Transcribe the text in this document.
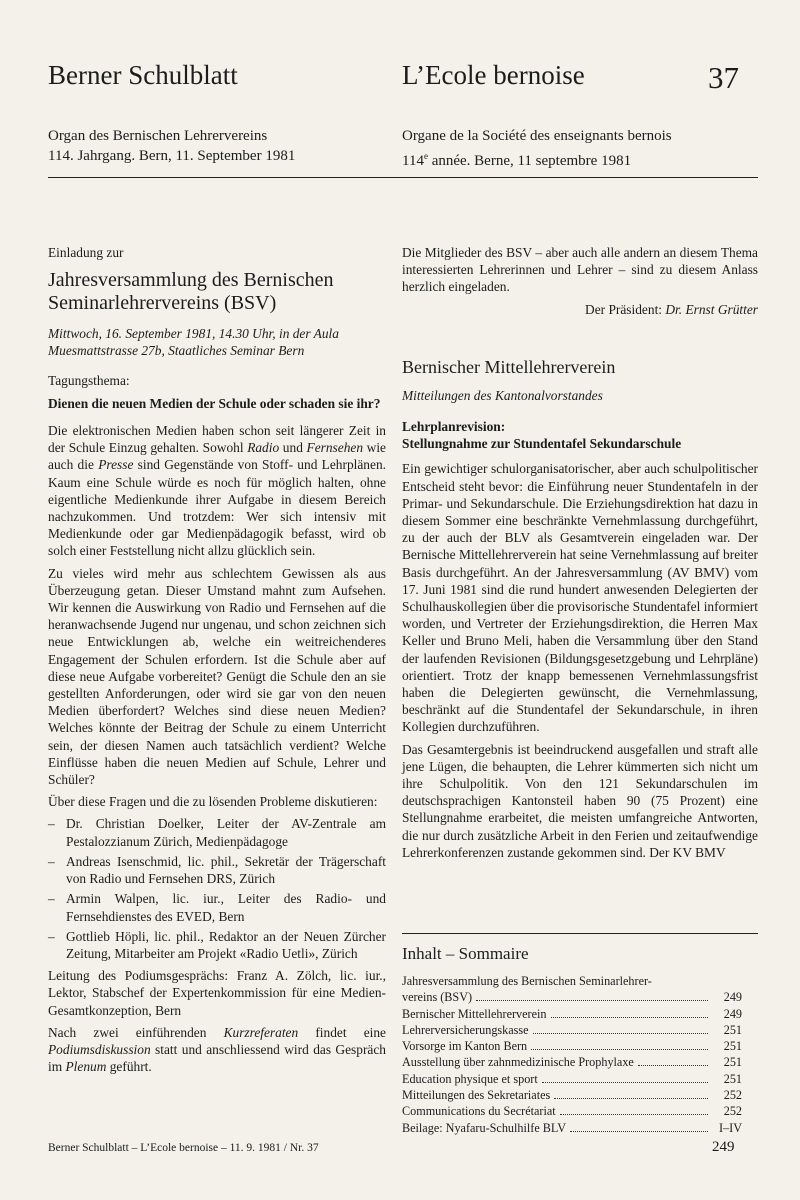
Berner Schulblatt	L’Ecole bernoise	37
Organ des Bernischen Lehrervereins
114. Jahrgang. Bern, 11. September 1981
Organe de la Société des enseignants bernois
114e année. Berne, 11 septembre 1981

Einladung zur

Jahresversammlung des Bernischen Seminarlehrervereins (BSV)

Mittwoch, 16. September 1981, 14.30 Uhr, in der Aula Muesmattstrasse 27b, Staatliches Seminar Bern

Tagungsthema:

Dienen die neuen Medien der Schule oder schaden sie ihr?

Die elektronischen Medien haben schon seit längerer Zeit in der Schule Einzug gehalten. Sowohl Radio und Fernsehen wie auch die Presse sind Gegenstände von Stoff- und Lehrplänen. Kaum eine Schule würde es noch für möglich halten, ohne eigentliche Medienkunde ihrer Aufgabe in diesem Bereich nachzukommen. Und trotzdem: Wer sich intensiv mit Medienkunde oder gar Medienpädagogik befasst, wird ob solch einer Feststellung nicht allzu glücklich sein.

Zu vieles wird mehr aus schlechtem Gewissen als aus Überzeugung getan. Dieser Umstand mahnt zum Aufsehen. Wir kennen die Auswirkung von Radio und Fernsehen auf die heranwachsende Jugend nur ungenau, und schon zeichnen sich neue Entwicklungen ab, welche ein weitreichenderes Engagement der Schulen erfordern. Ist die Schule aber auf diese neue Aufgabe vorbereitet? Genügt die Schule den an sie gestellten Anforderungen, oder wird sie gar von den neuen Medien überfordert? Welches sind diese neuen Medien? Welches könnte der Beitrag der Schule zu einem Unterricht sein, der diesen Namen auch tatsächlich verdient? Welche Einflüsse haben die neuen Medien auf Schule, Lehrer und Schüler?

Über diese Fragen und die zu lösenden Probleme diskutieren:

– Dr. Christian Doelker, Leiter der AV-Zentrale am Pestalozzianum Zürich, Medienpädagoge
– Andreas Isenschmid, lic. phil., Sekretär der Trägerschaft von Radio und Fernsehen DRS, Zürich
– Armin Walpen, lic. iur., Leiter des Radio- und Fernsehdienstes des EVED, Bern
– Gottlieb Höpli, lic. phil., Redaktor an der Neuen Zürcher Zeitung, Mitarbeiter am Projekt «Radio Uetli», Zürich

Leitung des Podiumsgesprächs: Franz A. Zölch, lic. iur., Lektor, Stabschef der Expertenkommission für eine Medien-Gesamtkonzeption, Bern

Nach zwei einführenden Kurzreferaten findet eine Podiumsdiskussion statt und anschliessend wird das Gespräch im Plenum geführt.

Die Mitglieder des BSV – aber auch alle andern an diesem Thema interessierten Lehrerinnen und Lehrer – sind zu diesem Anlass herzlich eingeladen.

Der Präsident: Dr. Ernst Grütter

Bernischer Mittellehrerverein

Mitteilungen des Kantonalvorstandes

Lehrplanrevision:
Stellungnahme zur Stundentafel Sekundarschule

Ein gewichtiger schulorganisatorischer, aber auch schulpolitischer Entscheid steht bevor: die Einführung neuer Stundentafeln in der Primar- und Sekundarschule. Die Erziehungsdirektion hat dazu in diesem Sommer eine beschränkte Vernehmlassung durchgeführt, zu der auch der BLV als Gesamtverein eingeladen war. Der Bernische Mittellehrerverein hat seine Vernehmlassung auf breiter Basis durchgeführt. An der Jahresversammlung (AV BMV) vom 17. Juni 1981 sind die rund hundert anwesenden Delegierten der Schulhauskollegien über die provisorische Stundentafel informiert worden, und Vertreter der Erziehungsdirektion, die Herren Max Keller und Bruno Meli, haben die Versammlung über den Stand der laufenden Revisionen (Bildungsgesetzgebung und Lehrpläne) orientiert. Trotz der knapp bemessenen Vernehmlassungsfrist haben die Delegierten gewünscht, die Vernehmlassung, beschränkt auf die Stundentafel der Sekundarschule, in ihren Kollegien durchzuführen.

Das Gesamtergebnis ist beeindruckend ausgefallen und straft alle jene Lügen, die behaupten, die Lehrer kümmerten sich nicht um ihre Schulpolitik. Von den 121 Sekundarschulen im deutschsprachigen Kantonsteil haben 90 (75 Prozent) eine Stellungnahme erarbeitet, die meisten umfangreiche Antworten, die nur durch zusätzliche Arbeit in den Ferien und zeitaufwendige Lehrerkonferenzen zustande gekommen sind. Der KV BMV

Inhalt – Sommaire
Jahresversammlung des Bernischen Seminarlehrer-
vereins (BSV)	249
Bernischer Mittellehrerverein	249
Lehrerversicherungskasse	251
Vorsorge im Kanton Bern	251
Ausstellung über zahnmedizinische Prophylaxe	251
Education physique et sport	251
Mitteilungen des Sekretariates	252
Communications du Secrétariat	252
Beilage: Nyafaru-Schulhilfe BLV	I–IV
Berner Schulblatt – L’Ecole bernoise – 11. 9. 1981 / Nr. 37	249
